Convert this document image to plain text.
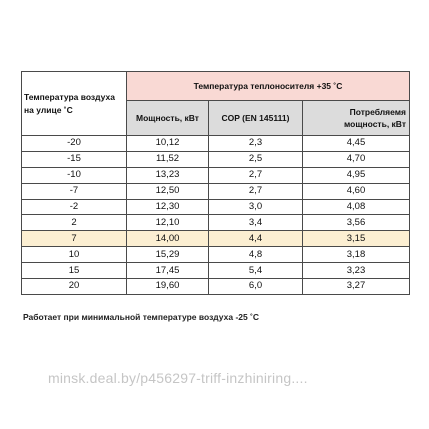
Температура воздуха на улице ˚С	Температура теплоносителя +35 ˚С		
	Мощность, кВт	COP (EN 145111)	Потребляемя мощность, кВт
-20	10,12	2,3	4,45
-15	11,52	2,5	4,70
-10	13,23	2,7	4,95
-7	12,50	2,7	4,60
-2	12,30	3,0	4,08
2	12,10	3,4	3,56
7	14,00	4,4	3,15
10	15,29	4,8	3,18
15	17,45	5,4	3,23
20	19,60	6,0	3,27
Работает при минимальной температуре воздуха -25 ˚С
minsk.deal.by/p456297-triff-inzhiniring....
